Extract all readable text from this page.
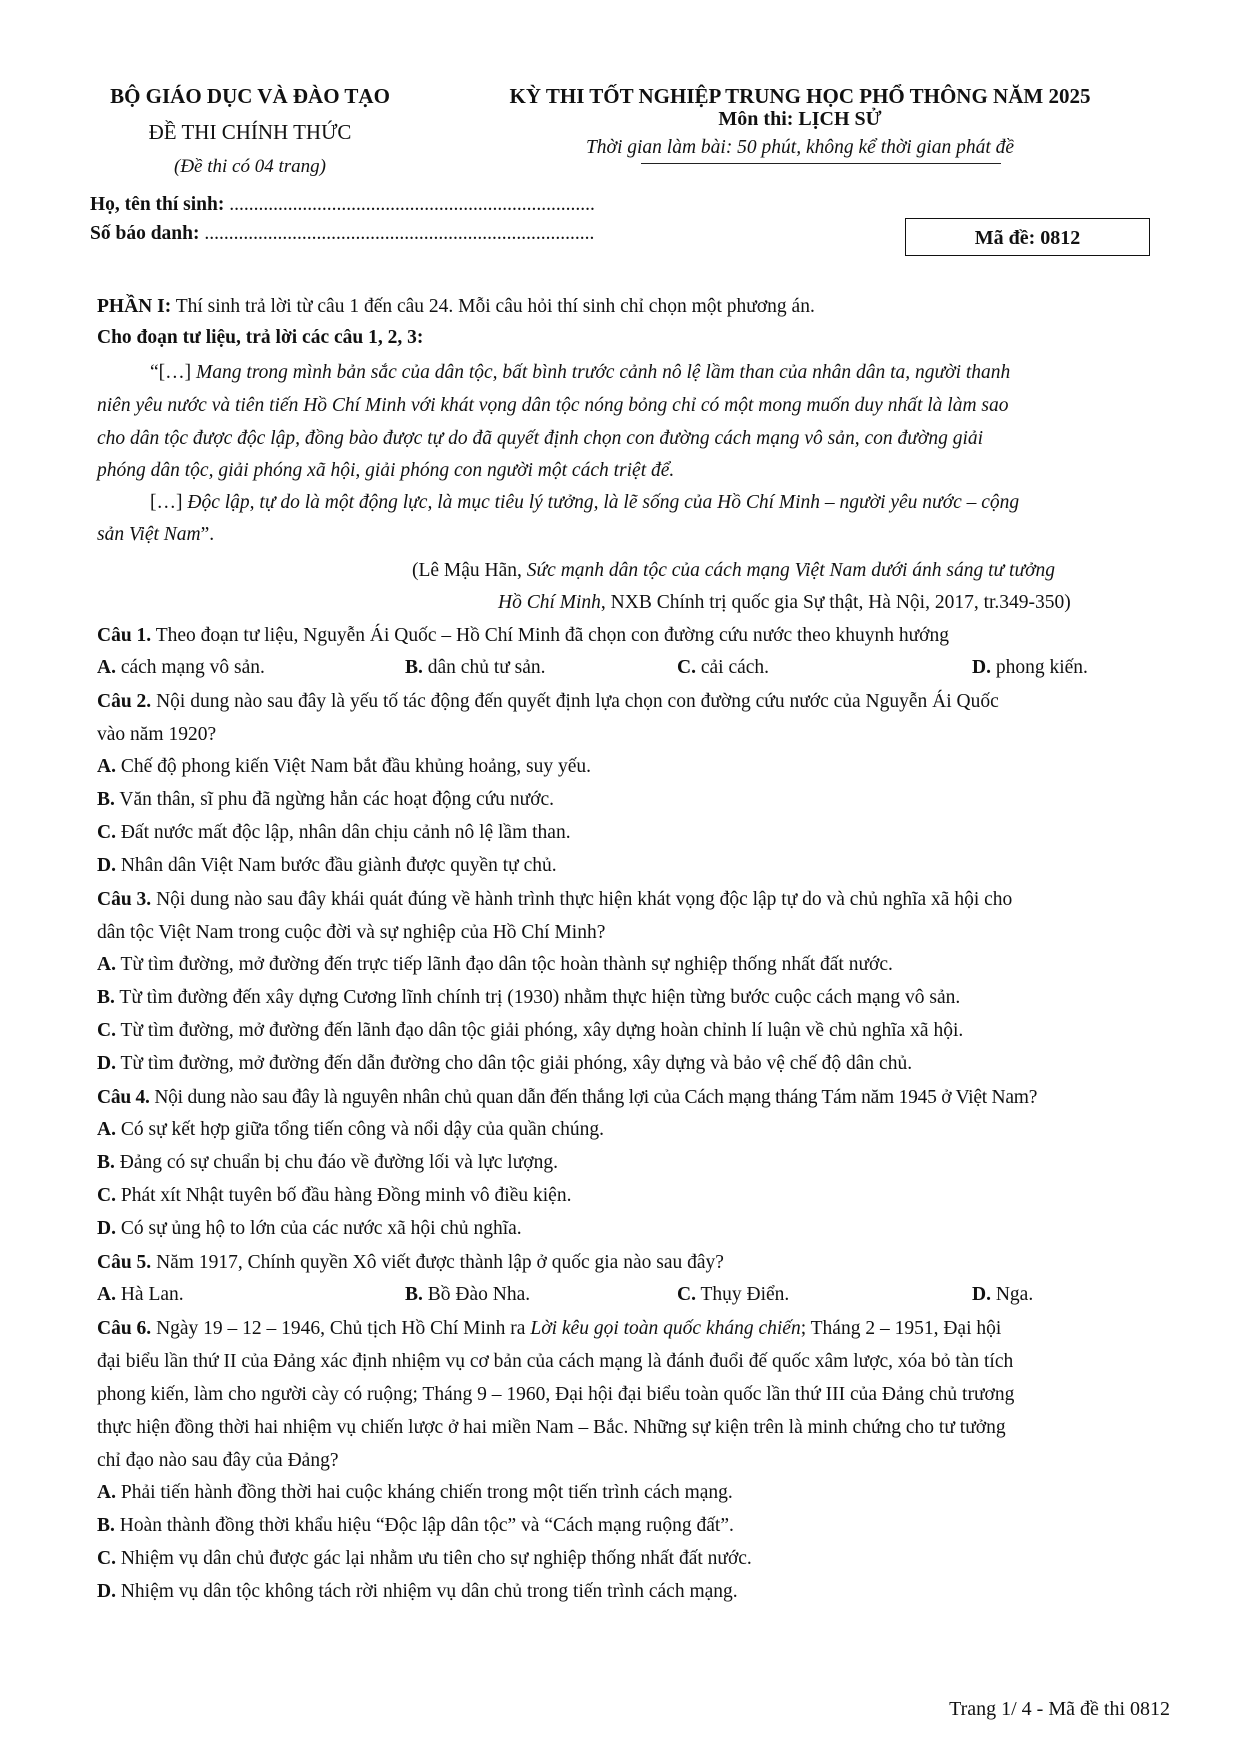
BỘ GIÁO DỤC VÀ ĐÀO TẠO
ĐỀ THI CHÍNH THỨC
(Đề thi có 04 trang)
KỲ THI TỐT NGHIỆP TRUNG HỌC PHỔ THÔNG NĂM 2025
Môn thi: LỊCH SỬ
Thời gian làm bài: 50 phút, không kể thời gian phát đề
Họ, tên thí sinh: ...........................................................................
Số báo danh: ................................................................................	Mã đề: 0812
PHẦN I: Thí sinh trả lời từ câu 1 đến câu 24. Mỗi câu hỏi thí sinh chỉ chọn một phương án.
Cho đoạn tư liệu, trả lời các câu 1, 2, 3:
“[…] Mang trong mình bản sắc của dân tộc, bất bình trước cảnh nô lệ lầm than của nhân dân ta, người thanh
niên yêu nước và tiên tiến Hồ Chí Minh với khát vọng dân tộc nóng bỏng chỉ có một mong muốn duy nhất là làm sao
cho dân tộc được độc lập, đồng bào được tự do đã quyết định chọn con đường cách mạng vô sản, con đường giải
phóng dân tộc, giải phóng xã hội, giải phóng con người một cách triệt để.
[…] Độc lập, tự do là một động lực, là mục tiêu lý tưởng, là lẽ sống của Hồ Chí Minh – người yêu nước – cộng
sản Việt Nam”.
(Lê Mậu Hãn, Sức mạnh dân tộc của cách mạng Việt Nam dưới ánh sáng tư tưởng
Hồ Chí Minh, NXB Chính trị quốc gia Sự thật, Hà Nội, 2017, tr.349-350)
Câu 1. Theo đoạn tư liệu, Nguyễn Ái Quốc – Hồ Chí Minh đã chọn con đường cứu nước theo khuynh hướng
A. cách mạng vô sản.	B. dân chủ tư sản.	C. cải cách.	D. phong kiến.
Câu 2. Nội dung nào sau đây là yếu tố tác động đến quyết định lựa chọn con đường cứu nước của Nguyễn Ái Quốc
vào năm 1920?
A. Chế độ phong kiến Việt Nam bắt đầu khủng hoảng, suy yếu.
B. Văn thân, sĩ phu đã ngừng hẳn các hoạt động cứu nước.
C. Đất nước mất độc lập, nhân dân chịu cảnh nô lệ lầm than.
D. Nhân dân Việt Nam bước đầu giành được quyền tự chủ.
Câu 3. Nội dung nào sau đây khái quát đúng về hành trình thực hiện khát vọng độc lập tự do và chủ nghĩa xã hội cho
dân tộc Việt Nam trong cuộc đời và sự nghiệp của Hồ Chí Minh?
A. Từ tìm đường, mở đường đến trực tiếp lãnh đạo dân tộc hoàn thành sự nghiệp thống nhất đất nước.
B. Từ tìm đường đến xây dựng Cương lĩnh chính trị (1930) nhằm thực hiện từng bước cuộc cách mạng vô sản.
C. Từ tìm đường, mở đường đến lãnh đạo dân tộc giải phóng, xây dựng hoàn chỉnh lí luận về chủ nghĩa xã hội.
D. Từ tìm đường, mở đường đến dẫn đường cho dân tộc giải phóng, xây dựng và bảo vệ chế độ dân chủ.
Câu 4. Nội dung nào sau đây là nguyên nhân chủ quan dẫn đến thắng lợi của Cách mạng tháng Tám năm 1945 ở Việt Nam?
A. Có sự kết hợp giữa tổng tiến công và nổi dậy của quần chúng.
B. Đảng có sự chuẩn bị chu đáo về đường lối và lực lượng.
C. Phát xít Nhật tuyên bố đầu hàng Đồng minh vô điều kiện.
D. Có sự ủng hộ to lớn của các nước xã hội chủ nghĩa.
Câu 5. Năm 1917, Chính quyền Xô viết được thành lập ở quốc gia nào sau đây?
A. Hà Lan.	B. Bồ Đào Nha.	C. Thụy Điển.	D. Nga.
Câu 6. Ngày 19 – 12 – 1946, Chủ tịch Hồ Chí Minh ra Lời kêu gọi toàn quốc kháng chiến; Tháng 2 – 1951, Đại hội
đại biểu lần thứ II của Đảng xác định nhiệm vụ cơ bản của cách mạng là đánh đuổi đế quốc xâm lược, xóa bỏ tàn tích
phong kiến, làm cho người cày có ruộng; Tháng 9 – 1960, Đại hội đại biểu toàn quốc lần thứ III của Đảng chủ trương
thực hiện đồng thời hai nhiệm vụ chiến lược ở hai miền Nam – Bắc. Những sự kiện trên là minh chứng cho tư tưởng
chỉ đạo nào sau đây của Đảng?
A. Phải tiến hành đồng thời hai cuộc kháng chiến trong một tiến trình cách mạng.
B. Hoàn thành đồng thời khẩu hiệu “Độc lập dân tộc” và “Cách mạng ruộng đất”.
C. Nhiệm vụ dân chủ được gác lại nhằm ưu tiên cho sự nghiệp thống nhất đất nước.
D. Nhiệm vụ dân tộc không tách rời nhiệm vụ dân chủ trong tiến trình cách mạng.
Trang 1/ 4 - Mã đề thi 0812
